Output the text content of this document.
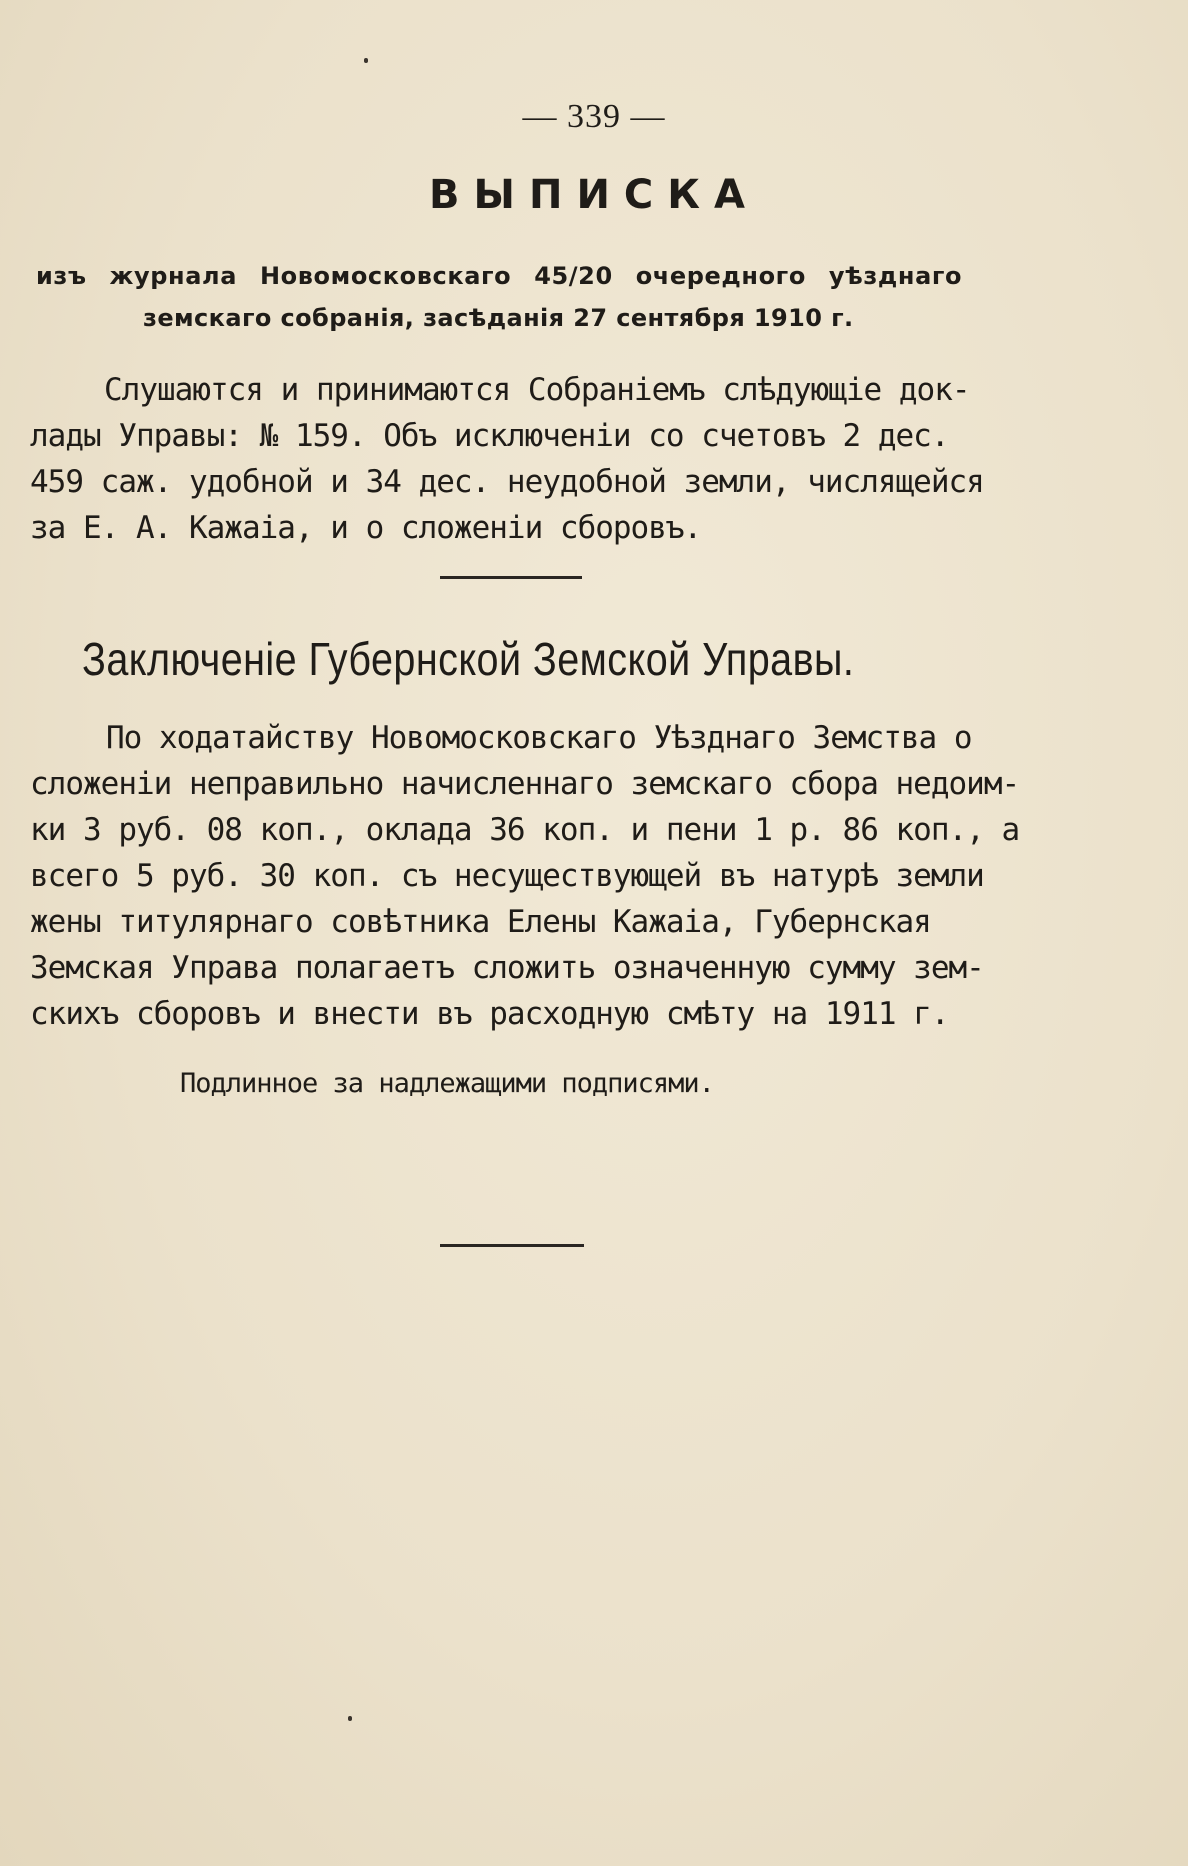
— 339 —
ВЫПИСКА
изъ журнала Новомосковскаго 45/20 очередного уѣзднаго
земскаго собранія, засѣданія 27 сентября 1910 г.
Слушаются и принимаются Собраніемъ слѣдующіе док-
лады Управы: № 159. Объ исключеніи со счетовъ 2 дес.
459 саж. удобной и 34 дес. неудобной земли, числящейся
за Е. А. Кажаіа, и о сложеніи сборовъ.
Заключеніе Губернской Земской Управы.
По ходатайству Новомосковскаго Уѣзднаго Земства о
сложеніи неправильно начисленнаго земскаго сбора недоим-
ки 3 руб. 08 коп., оклада 36 коп. и пени 1 р. 86 коп., а
всего 5 руб. 30 коп. съ несуществующей въ натурѣ земли
жены титулярнаго совѣтника Елены Кажаіа, Губернская
Земская Управа полагаетъ сложить означенную сумму зем-
скихъ сборовъ и внести въ расходную смѣту на 1911 г.
Подлинное за надлежащими подписями.
